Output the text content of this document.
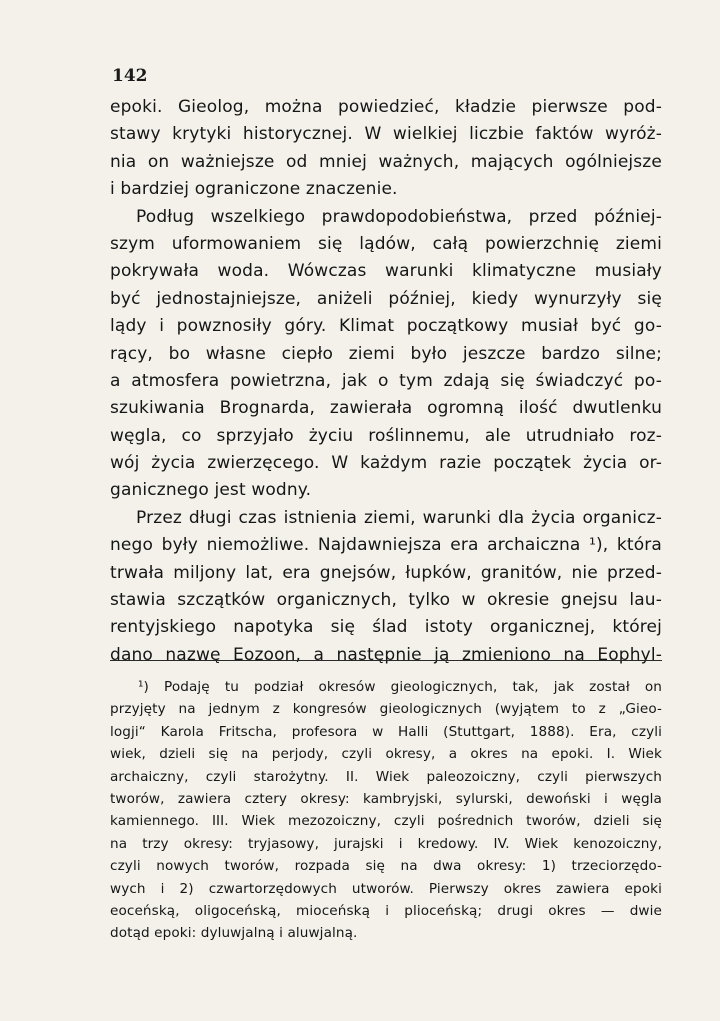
142
epoki. Gieolog, można powiedzieć, kładzie pierwsze pod-
stawy krytyki historycznej. W wielkiej liczbie faktów wyróż-
nia on ważniejsze od mniej ważnych, mających ogólniejsze
i bardziej ograniczone znaczenie.
Podług wszelkiego prawdopodobieństwa, przed później-
szym uformowaniem się lądów, całą powierzchnię ziemi
pokrywała woda. Wówczas warunki klimatyczne musiały
być jednostajniejsze, aniżeli później, kiedy wynurzyły się
lądy i powznosiły góry. Klimat początkowy musiał być go-
rący, bo własne ciepło ziemi było jeszcze bardzo silne;
a atmosfera powietrzna, jak o tym zdają się świadczyć po-
szukiwania Brognarda, zawierała ogromną ilość dwutlenku
węgla, co sprzyjało życiu roślinnemu, ale utrudniało roz-
wój życia zwierzęcego. W każdym razie początek życia or-
ganicznego jest wodny.
Przez długi czas istnienia ziemi, warunki dla życia organicz-
nego były niemożliwe. Najdawniejsza era archaiczna ¹), która
trwała miljony lat, era gnejsów, łupków, granitów, nie przed-
stawia szczątków organicznych, tylko w okresie gnejsu lau-
rentyjskiego napotyka się ślad istoty organicznej, której
dano nazwę Eozoon, a następnie ją zmieniono na Eophyl-
¹) Podaję tu podział okresów gieologicznych, tak, jak został on
przyjęty na jednym z kongresów gieologicznych (wyjątem to z „Gieo-
logji“ Karola Fritscha, profesora w Halli (Stuttgart, 1888). Era, czyli
wiek, dzieli się na perjody, czyli okresy, a okres na epoki. I. Wiek
archaiczny, czyli starożytny. II. Wiek paleozoiczny, czyli pierwszych
tworów, zawiera cztery okresy: kambryjski, sylurski, dewoński i węgla
kamiennego. III. Wiek mezozoiczny, czyli pośrednich tworów, dzieli się
na trzy okresy: tryjasowy, jurajski i kredowy. IV. Wiek kenozoiczny,
czyli nowych tworów, rozpada się na dwa okresy: 1) trzeciorzędo-
wych i 2) czwartorzędowych utworów. Pierwszy okres zawiera epoki
eoceńską, oligoceńską, mioceńską i plioceńską; drugi okres — dwie
dotąd epoki: dyluwjalną i aluwjalną.
